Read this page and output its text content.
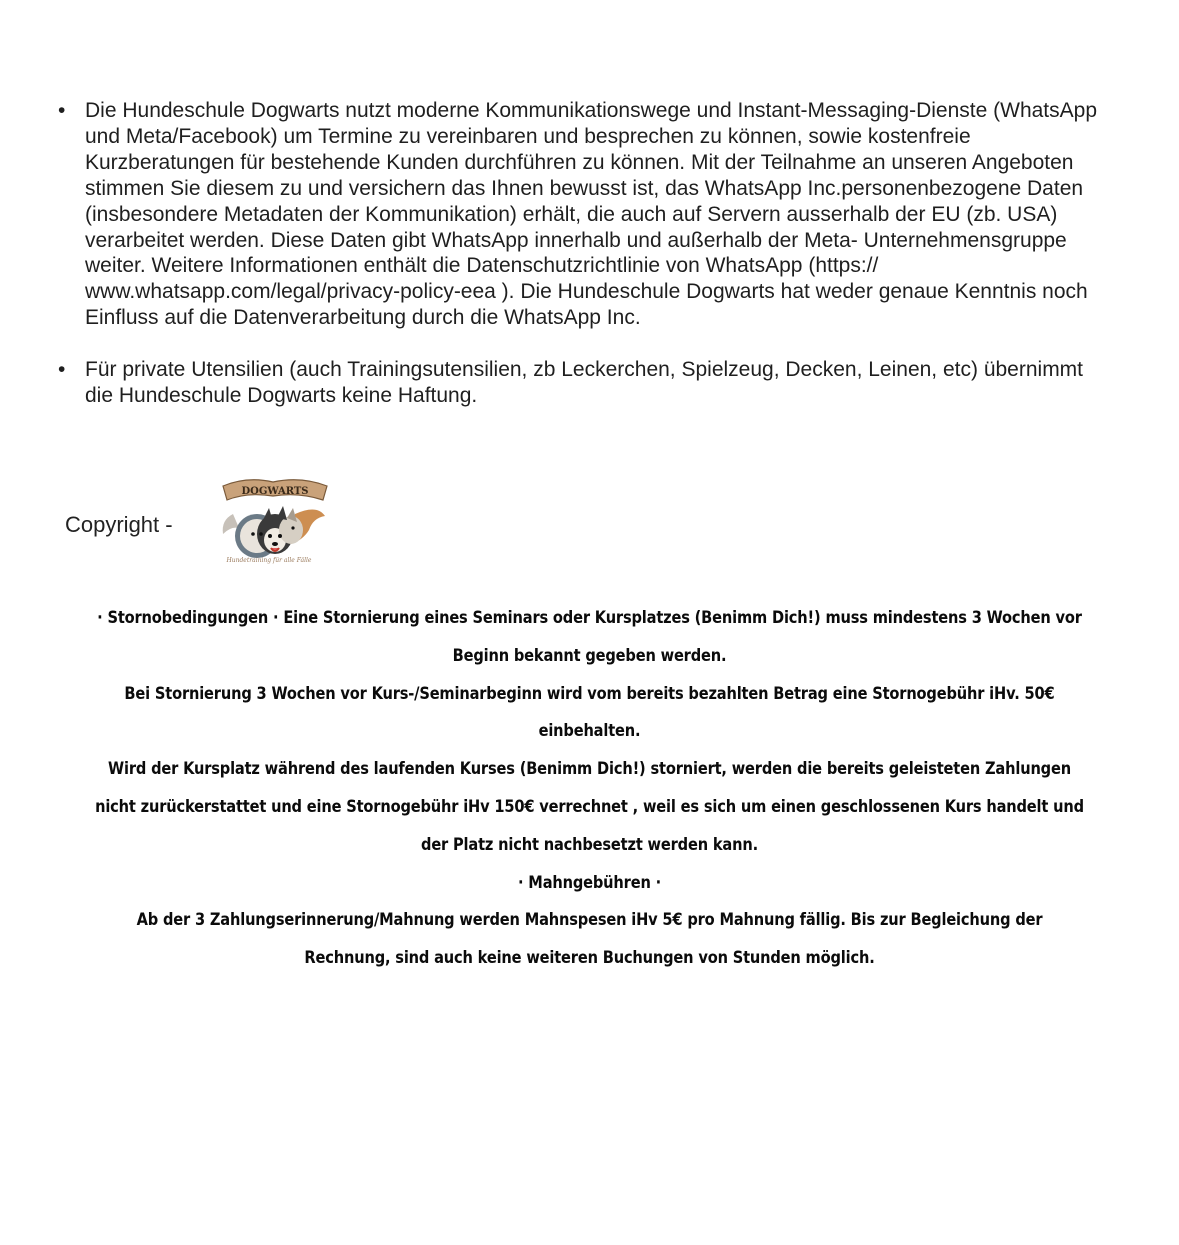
• Die Hundeschule Dogwarts nutzt moderne Kommunikationswege und Instant-Messaging-Dienste (WhatsApp und Meta/Facebook) um Termine zu vereinbaren und besprechen zu können, sowie kostenfreie Kurzberatungen für bestehende Kunden durchführen zu können. Mit der Teilnahme an unseren Angeboten stimmen Sie diesem zu und versichern das Ihnen bewusst ist, das WhatsApp Inc.personenbezogene Daten (insbesondere Metadaten der Kommunikation) erhält, die auch auf Servern ausserhalb der EU (zb. USA) verarbeitet werden. Diese Daten gibt WhatsApp innerhalb und außerhalb der Meta- Unternehmensgruppe weiter. Weitere Informationen enthält die Datenschutzrichtlinie von WhatsApp (https:// www.whatsapp.com/legal/privacy-policy-eea ). Die Hundeschule Dogwarts hat weder genaue Kenntnis noch Einfluss auf die Datenverarbeitung durch die WhatsApp Inc.
• Für private Utensilien (auch Trainingsutensilien, zb Leckerchen, Spielzeug, Decken, Leinen, etc) übernimmt die Hundeschule Dogwarts keine Haftung.
Copyright -
DOGWARTS
Hundetraining für alle Fälle

· Stornobedingungen · Eine Stornierung eines Seminars oder Kursplatzes (Benimm Dich!) muss mindestens 3 Wochen vor Beginn bekannt gegeben werden.

Bei Stornierung 3 Wochen vor Kurs-/Seminarbeginn wird vom bereits bezahlten Betrag eine Stornogebühr iHv. 50€ einbehalten.

Wird der Kursplatz während des laufenden Kurses (Benimm Dich!) storniert, werden die bereits geleisteten Zahlungen nicht zurückerstattet und eine Stornogebühr iHv 150€ verrechnet , weil es sich um einen geschlossenen Kurs handelt und der Platz nicht nachbesetzt werden kann.

· Mahngebühren ·

Ab der 3 Zahlungserinnerung/Mahnung werden Mahnspesen iHv 5€ pro Mahnung fällig. Bis zur Begleichung der Rechnung, sind auch keine weiteren Buchungen von Stunden möglich.
